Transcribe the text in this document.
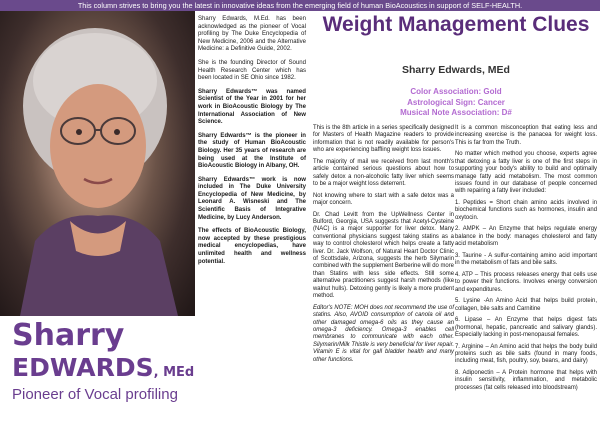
This column strives to bring you the latest in innovative ideas from the emerging field of human BioAcoustics in support of SELF-HEALTH.
Sharry
EDWARDS, MEd
Pioneer of Vocal profiling

Sharry Edwards, M.Ed. has been acknowledged as the pioneer of Vocal profiling by The Duke Encyclopedia of New Medicine, 2006 and the Alternative Medicine: a Definitive Guide, 2002.

She is the founding Director of Sound Health Research Center which has been located in SE Ohio since 1982.

Sharry Edwards™ was named Scientist of the Year in 2001 for her work in BioAcoustic Biology by The International Association of New Science.

Sharry Edwards™ is the pioneer in the study of Human BioAcoustic Biology. Her 35 years of research are being used at the Institute of BioAcoustic Biology in Albany, OH.

Sharry Edwards™ work is now included in The Duke University Encyclopedia of New Medicine, by Leonard A. Wisneski and The Scientific Basis of Integrative Medicine, by Lucy Anderson.

The effects of BioAcoustic Biology, now accepted by these prestigious medical encyclopedias, have unlimited health and wellness potential.

Weight Management Clues
Sharry Edwards, MEd
Color Association: Gold
Astrological Sign: Cancer
Musical Note Association: D#

This is the 8th article in a series specifically designed for Masters of Health Magazine readers to provide information that is not readily available for person's who are experiencing baffling weight loss issues.

The majority of mail we received from last month's article contained serious questions about how to safely detox a non-alcoholic fatty liver which seems to be a major weight loss deterrent.

Not knowing where to start with a safe detox was a major concern.

Dr. Chad Levitt from the UpWellness Center in Bulford, Georgia, USA suggests that Acetyl-Cysteine (NAC) is a major supporter for liver detox. Many conventional physicians suggest taking statins as a way to control cholesterol which helps create a fatty liver. Dr. Jack Wolfson, of Natural Heart Doctor Clinic of Scottsdale, Arizona, suggests the herb Silymarin combined with the supplement Berberine will do more than Statins with less side effects. Still some alternative practitioners suggest harsh methods (like walnut hulls). Detoxing gently is likely a more prudent method.

Editor's NOTE: MOH does not recommend the use of statins. Also, AVOID consumption of canola oil and other damaged omega-6 oils as they cause an omega-3 deficiency. Omega-3 enables cell membranes to communicate with each other. Silymarin/Milk Thistle is very beneficial for liver repair. Vitamin E is vital for gall bladder health and many other functions.

It is a common misconception that eating less and increasing exercise is the panacea for weight loss. This is far from the Truth.

No matter which method you choose, experts agree that detoxing a fatty liver is one of the first steps in supporting your body's ability to build and optimally manage fatty acid metabolism. The most common issues found in our database of people concerned with repairing a fatty liver included:

1. Peptides = Short chain amino acids involved in biochemical functions such as hormones, insulin and oxytocin.

2. AMPK – An Enzyme that helps regulate energy balance in the body: manages cholesterol and fatty acid metabolism

3. Taurine - A sulfur-containing amino acid important in the metabolism of fats and bile salts.

4. ATP – This process releases energy that cells use to power their functions. Involves energy conversion and expenditures.

5. Lysine -An Amino Acid that helps build protein, collagen, bile salts and Carnitine

6. Lipase – An Enzyme that helps digest fats (hormonal, hepatic, pancreatic and salivary glands). Especially lacking in post-menopausal females.

7. Arginine – An Amino acid that helps the body build proteins such as bile salts (found in many foods, including meat, fish, poultry, soy, beans, and dairy)

8. Adiponectin – A Protein hormone that helps with insulin sensitivity, inflammation, and metabolic processes (fat cells released into bloodstream)
